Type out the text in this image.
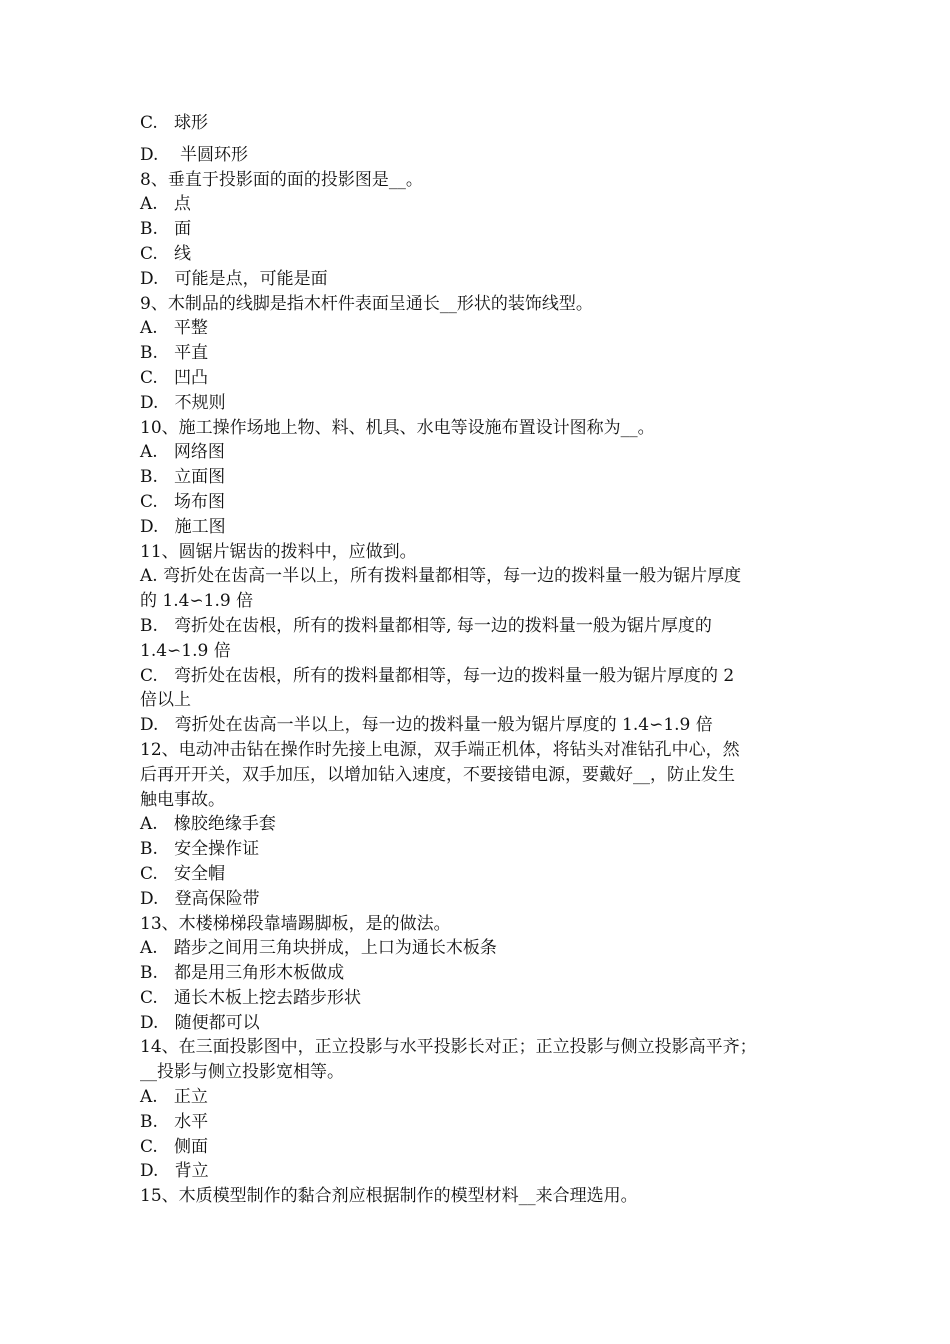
C.   球形
D.    半圆环形
8、垂直于投影面的面的投影图是__。
A.   点
B.   面
C.   线
D.   可能是点，可能是面
9、木制品的线脚是指木杆件表面呈通长__形状的装饰线型。
A.   平整
B.   平直
C.   凹凸
D.   不规则
10、施工操作场地上物、料、机具、水电等设施布置设计图称为__。
A.   网络图
B.   立面图
C.   场布图
D.   施工图
11、圆锯片锯齿的拨料中，应做到。
A. 弯折处在齿高一半以上，所有拨料量都相等，每一边的拨料量一般为锯片厚度
的 1.4∽1.9 倍
B.   弯折处在齿根，所有的拨料量都相等, 每一边的拨料量一般为锯片厚度的
1.4∽1.9 倍
C.   弯折处在齿根，所有的拨料量都相等，每一边的拨料量一般为锯片厚度的 2
倍以上
D.   弯折处在齿高一半以上，每一边的拨料量一般为锯片厚度的 1.4∽1.9 倍
12、电动冲击钻在操作时先接上电源，双手端正机体，将钻头对准钻孔中心，然
后再开开关，双手加压，以增加钻入速度，不要接错电源，要戴好__，防止发生
触电事故。
A.   橡胶绝缘手套
B.   安全操作证
C.   安全帽
D.   登高保险带
13、木楼梯梯段靠墙踢脚板，是的做法。
A.   踏步之间用三角块拼成，上口为通长木板条
B.   都是用三角形木板做成
C.   通长木板上挖去踏步形状
D.   随便都可以
14、在三面投影图中，正立投影与水平投影长对正；正立投影与侧立投影高平齐；
__投影与侧立投影宽相等。
A.   正立
B.   水平
C.   侧面
D.   背立
15、木质模型制作的黏合剂应根据制作的模型材料__来合理选用。
